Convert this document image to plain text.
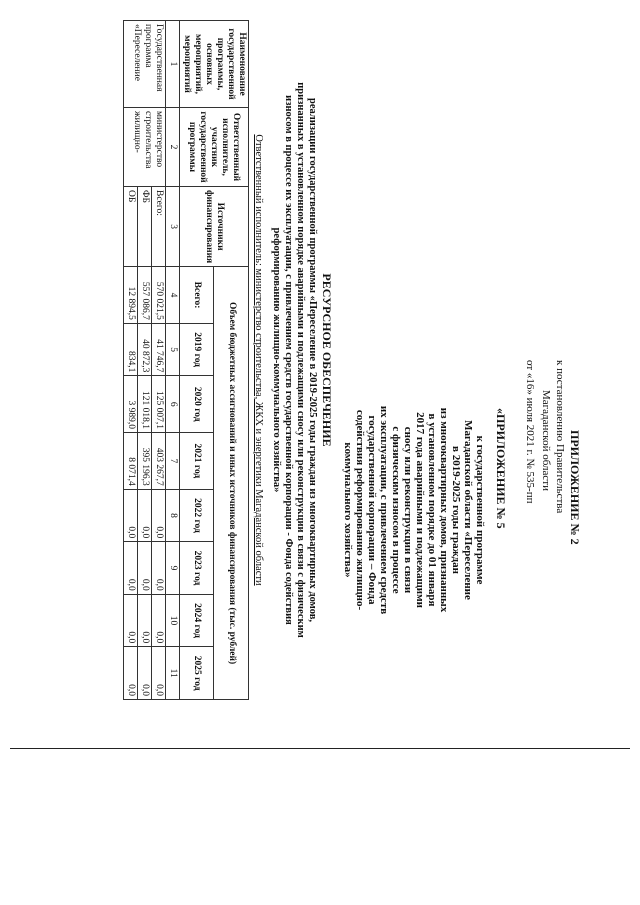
ПРИЛОЖЕНИЕ № 2
к постановлению Правительства
Магаданской области
от «16» июля 2021 г. № 535-пп
«ПРИЛОЖЕНИЕ № 5
к государственной программе
Магаданской области «Переселение
в 2019-2025 годы граждан
из многоквартирных домов, признанных
в установленном порядке до 01 января
2017 года аварийными и подлежащими
сносу или реконструкции в связи
с физическим износом в процессе
их эксплуатации, с привлечением средств
государственной корпорации – Фонда
содействия реформированию жилищно-
коммунального хозяйства»
РЕСУРСНОЕ ОБЕСПЕЧЕНИЕ
реализации государственной программы «Переселение в 2019-2025 годы граждан из многоквартирных домов,
признанных в установленном порядке аварийными и подлежащими сносу или реконструкции в связи с физическим
износом в процессе их эксплуатации, с привлечением средств государственной корпорации - Фонда содействия
реформированию жилищно-коммунального хозяйства»
Ответственный исполнитель: министерство строительства, ЖКХ и энергетики Магаданской области
Наименование государственной программы, основных мероприятий, мероприятий	Ответственный исполнитель, участник государственной программы	Источники финансирования	Объем бюджетных ассигнований и иных источников финансирования (тыс. рублей)							
			Всего:	2019 год	2020 год	2021 год	2022 год	2023 год	2024 год	2025 год
1	2	3	4	5	6	7	8	9	10	11
Государственная программа «Переселение	министерство строительства жилищно-	Всего:	570 021,5	41 746,7	125 007,1	403 267,7	0,0	0,0	0,0	0,0
		ФБ	557 086,7	40 872,3	121 018,1	395 196,3	0,0	0,0	0,0	0,0
		ОБ	12 894,5	834,1	3 989,0	8 071,4	0,0	0,0	0,0	0,0
